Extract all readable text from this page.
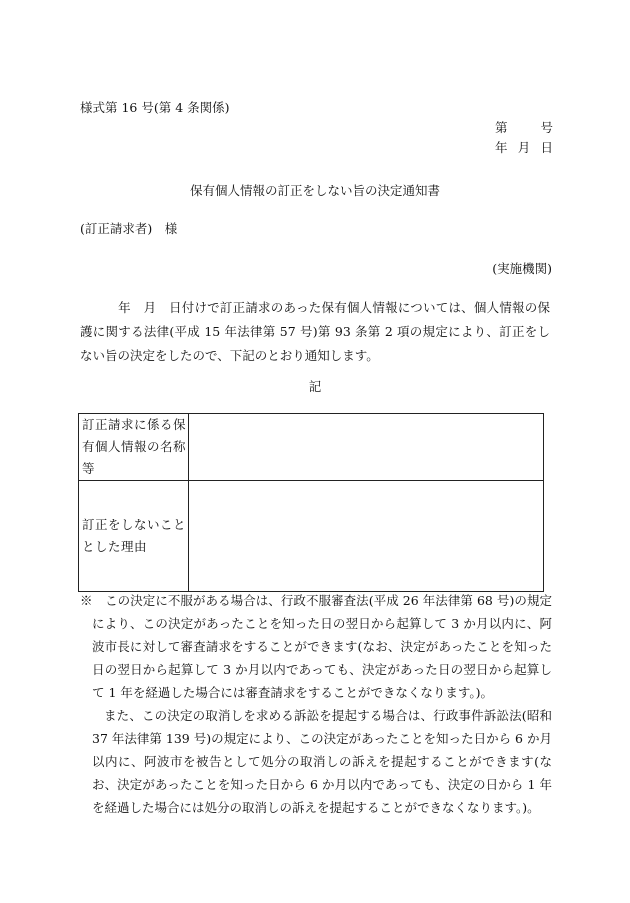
様式第 16 号(第 4 条関係)
第	号
年 月 日
保有個人情報の訂正をしない旨の決定通知書
(訂正請求者)　様
(実施機関)
　　　年　月　日付けで訂正請求のあった保有個人情報については、個人情報の保護に関する法律(平成 15 年法律第 57 号)第 93 条第 2 項の規定により、訂正をしない旨の決定をしたので、下記のとおり通知します。
記
訂正請求に係る保有個人情報の名称等	
訂正をしないこととした理由	

※　この決定に不服がある場合は、行政不服審査法(平成 26 年法律第 68 号)の規定により、この決定があったことを知った日の翌日から起算して 3 か月以内に、阿波市長に対して審査請求をすることができます(なお、決定があったことを知った日の翌日から起算して 3 か月以内であっても、決定があった日の翌日から起算して 1 年を経過した場合には審査請求をすることができなくなります。)。

また、この決定の取消しを求める訴訟を提起する場合は、行政事件訴訟法(昭和 37 年法律第 139 号)の規定により、この決定があったことを知った日から 6 か月以内に、阿波市を被告として処分の取消しの訴えを提起することができます(なお、決定があったことを知った日から 6 か月以内であっても、決定の日から 1 年を経過した場合には処分の取消しの訴えを提起することができなくなります。)。
